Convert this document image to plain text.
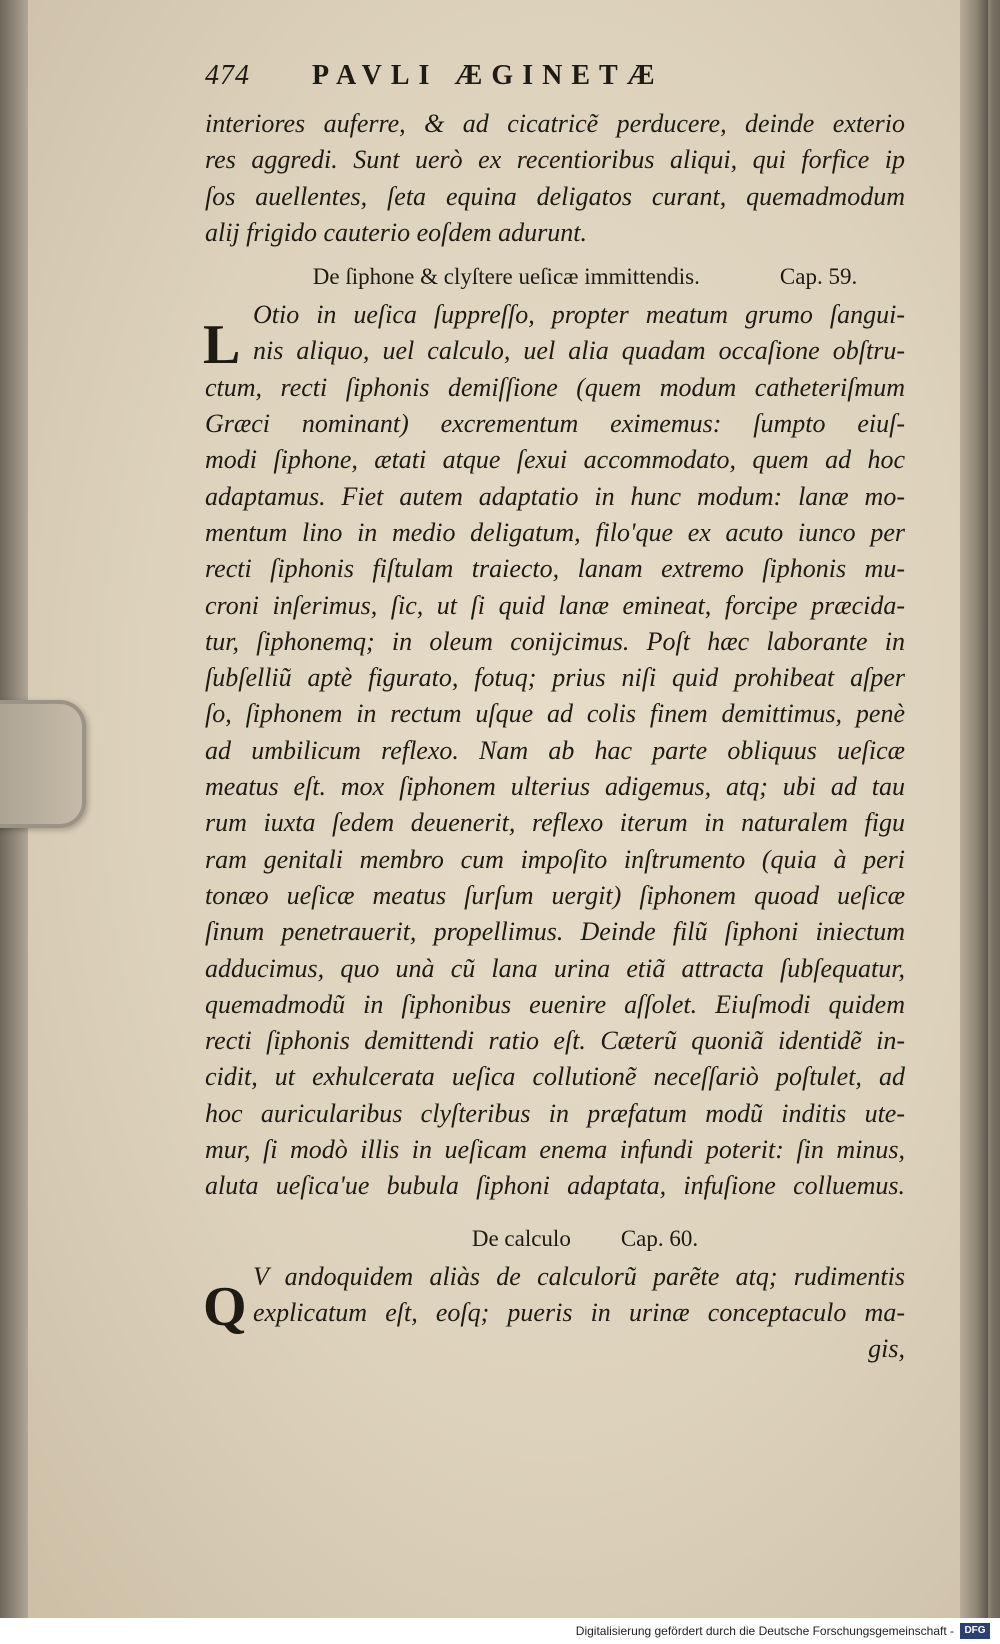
474 PAVLI ÆGINETÆ
interiores auferre, & ad cicatricẽ perducere, deinde exterio
res aggredi. Sunt uerò ex recentioribus aliqui, qui forfice ip
ſos auellentes, ſeta equina deligatos curant, quemadmodum
alij frigido cauterio eoſdem adurunt.
De ſiphone & clyſtere ueſicæ immittendis.	Cap. 59.
L Otio in ueſica ſuppreſſo, propter meatum grumo ſangui-
nis aliquo, uel calculo, uel alia quadam occaſione obſtru-
ctum, recti ſiphonis demiſſione (quem modum catheteriſmum
Græci nominant) excrementum eximemus: ſumpto eiuſ-
modi ſiphone, ætati atque ſexui accommodato, quem ad hoc
adaptamus. Fiet autem adaptatio in hunc modum: lanæ mo-
mentum lino in medio deligatum, filo'que ex acuto iunco per
recti ſiphonis fiſtulam traiecto, lanam extremo ſiphonis mu-
croni inſerimus, ſic, ut ſi quid lanæ emineat, forcipe præcida-
tur, ſiphonemq; in oleum conijcimus. Poſt hæc laborante in
ſubſelliũ aptè figurato, fotuq; prius niſi quid prohibeat aſper
ſo, ſiphonem in rectum uſque ad colis finem demittimus, penè
ad umbilicum reflexo. Nam ab hac parte obliquus ueſicæ
meatus eſt. mox ſiphonem ulterius adigemus, atq; ubi ad tau
rum iuxta ſedem deuenerit, reflexo iterum in naturalem figu
ram genitali membro cum impoſito inſtrumento (quia à peri
tonæo ueſicæ meatus ſurſum uergit) ſiphonem quoad ueſicæ
ſinum penetrauerit, propellimus. Deinde filũ ſiphoni iniectum
adducimus, quo unà cũ lana urina etiã attracta ſubſequatur,
quemadmodũ in ſiphonibus euenire aſſolet. Eiuſmodi quidem
recti ſiphonis demittendi ratio eſt. Cæterũ quoniã identidẽ in-
cidit, ut exhulcerata ueſica collutionẽ neceſſariò poſtulet, ad
hoc auricularibus clyſteribus in præfatum modũ inditis ute-
mur, ſi modò illis in ueſicam enema infundi poterit: ſin minus,
aluta ueſica'ue bubula ſiphoni adaptata, infuſione colluemus.
De calculo Cap. 60.
Q V andoquidem aliàs de calculorũ parẽte atq; rudimentis
explicatum eſt, eoſq; pueris in urinæ conceptaculo ma-
gis,
Digitalisierung gefördert durch die Deutsche Forschungsgemeinschaft -	DFG
